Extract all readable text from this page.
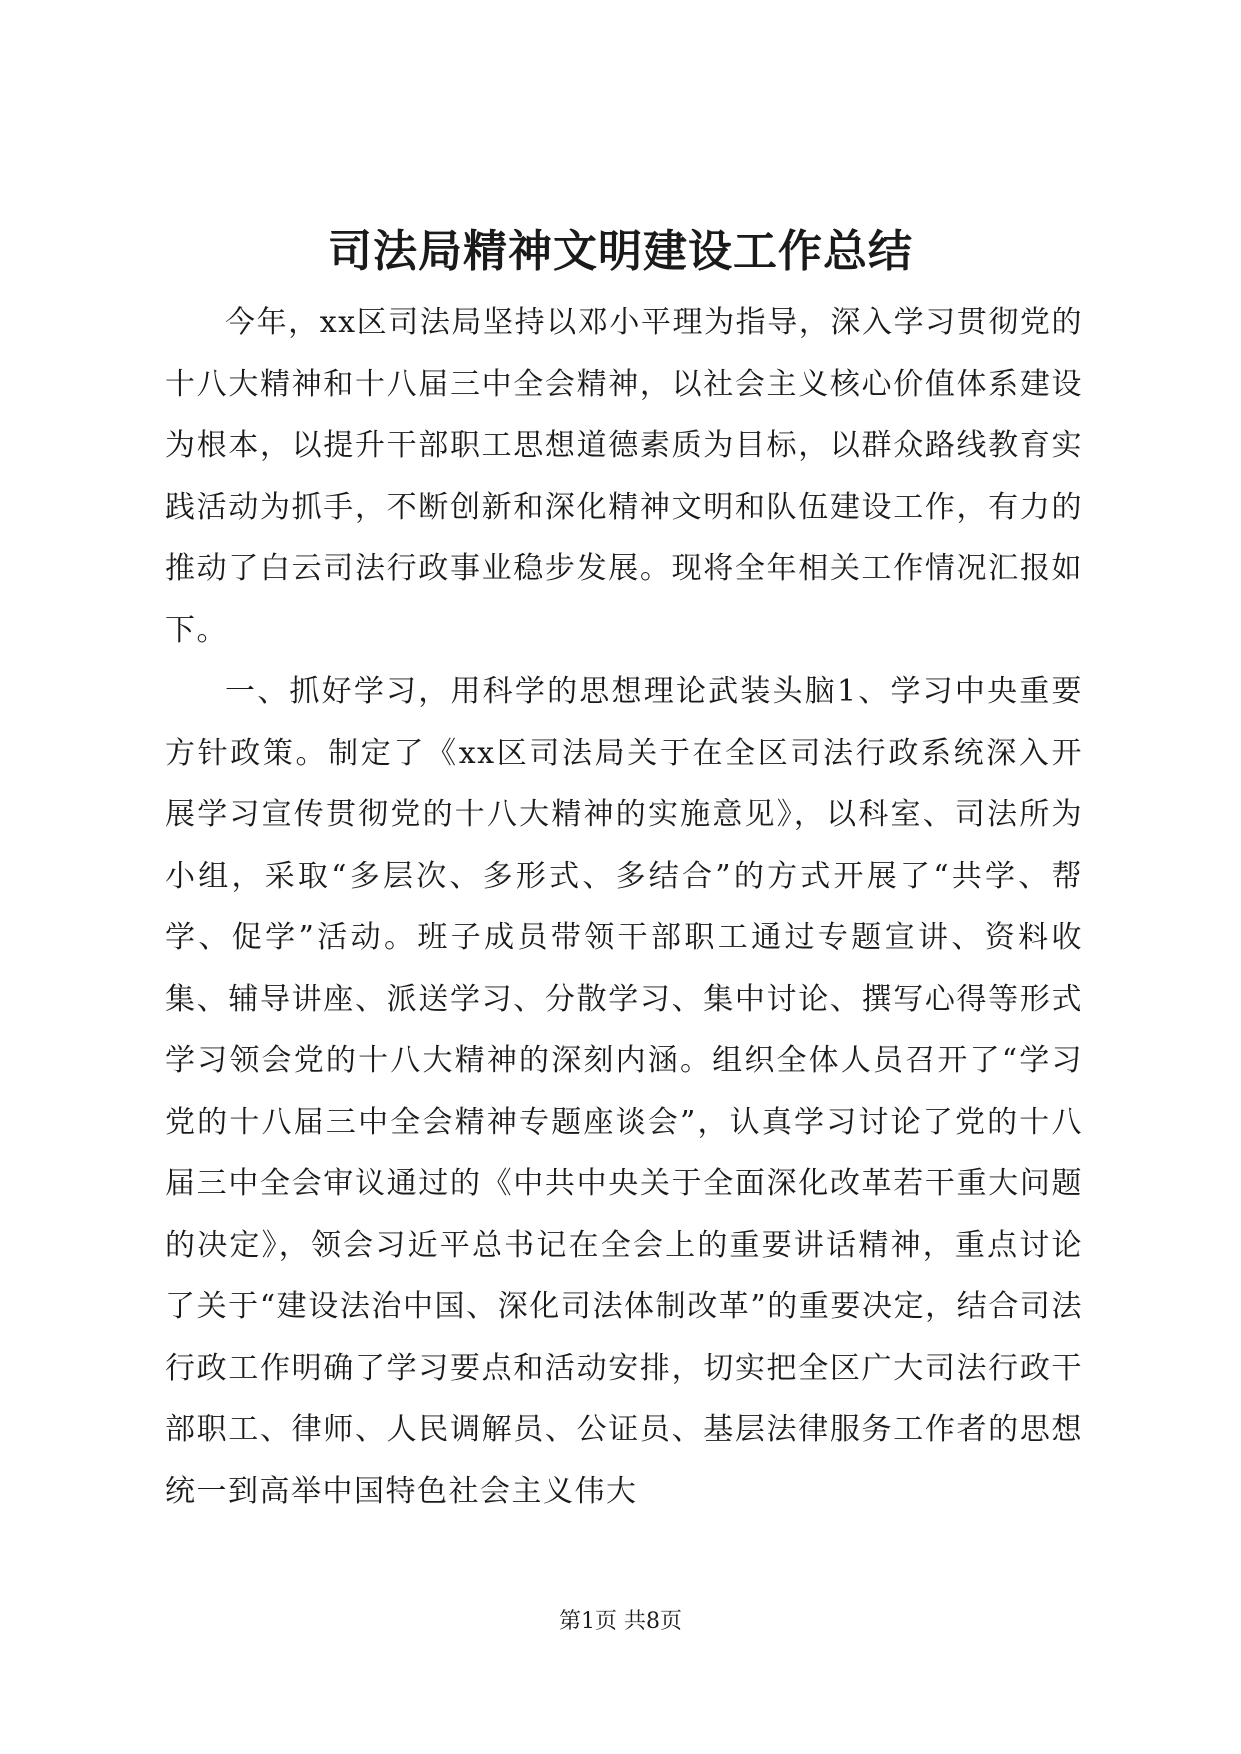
司法局精神文明建设工作总结

今年，xx区司法局坚持以邓小平理为指导，深入学习贯彻党的十八大精神和十八届三中全会精神，以社会主义核心价值体系建设为根本，以提升干部职工思想道德素质为目标，以群众路线教育实践活动为抓手，不断创新和深化精神文明和队伍建设工作，有力的推动了白云司法行政事业稳步发展。现将全年相关工作情况汇报如下。

一、抓好学习，用科学的思想理论武装头脑1、学习中央重要方针政策。制定了《xx区司法局关于在全区司法行政系统深入开展学习宣传贯彻党的十八大精神的实施意见》，以科室、司法所为小组，采取“多层次、多形式、多结合”的方式开展了“共学、帮学、促学”活动。班子成员带领干部职工通过专题宣讲、资料收集、辅导讲座、派送学习、分散学习、集中讨论、撰写心得等形式学习领会党的十八大精神的深刻内涵。组织全体人员召开了“学习党的十八届三中全会精神专题座谈会”，认真学习讨论了党的十八届三中全会审议通过的《中共中央关于全面深化改革若干重大问题的决定》，领会习近平总书记在全会上的重要讲话精神，重点讨论了关于“建设法治中国、深化司法体制改革”的重要决定，结合司法行政工作明确了学习要点和活动安排，切实把全区广大司法行政干部职工、律师、人民调解员、公证员、基层法律服务工作者的思想统一到高举中国特色社会主义伟大

第1页 共8页
